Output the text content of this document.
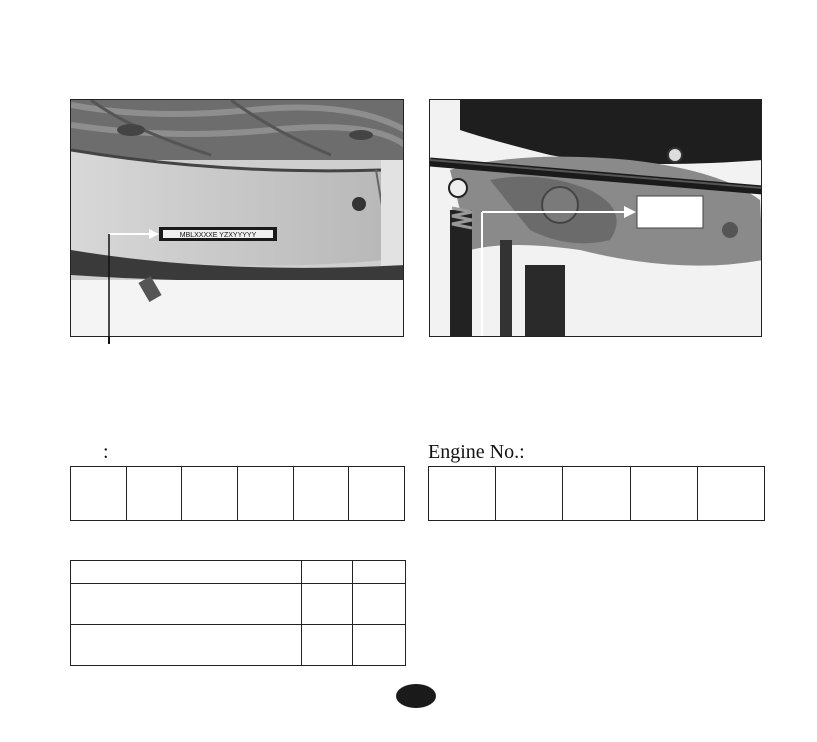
MBLXXXXE YZXYYYYY
:	Engine No.:
